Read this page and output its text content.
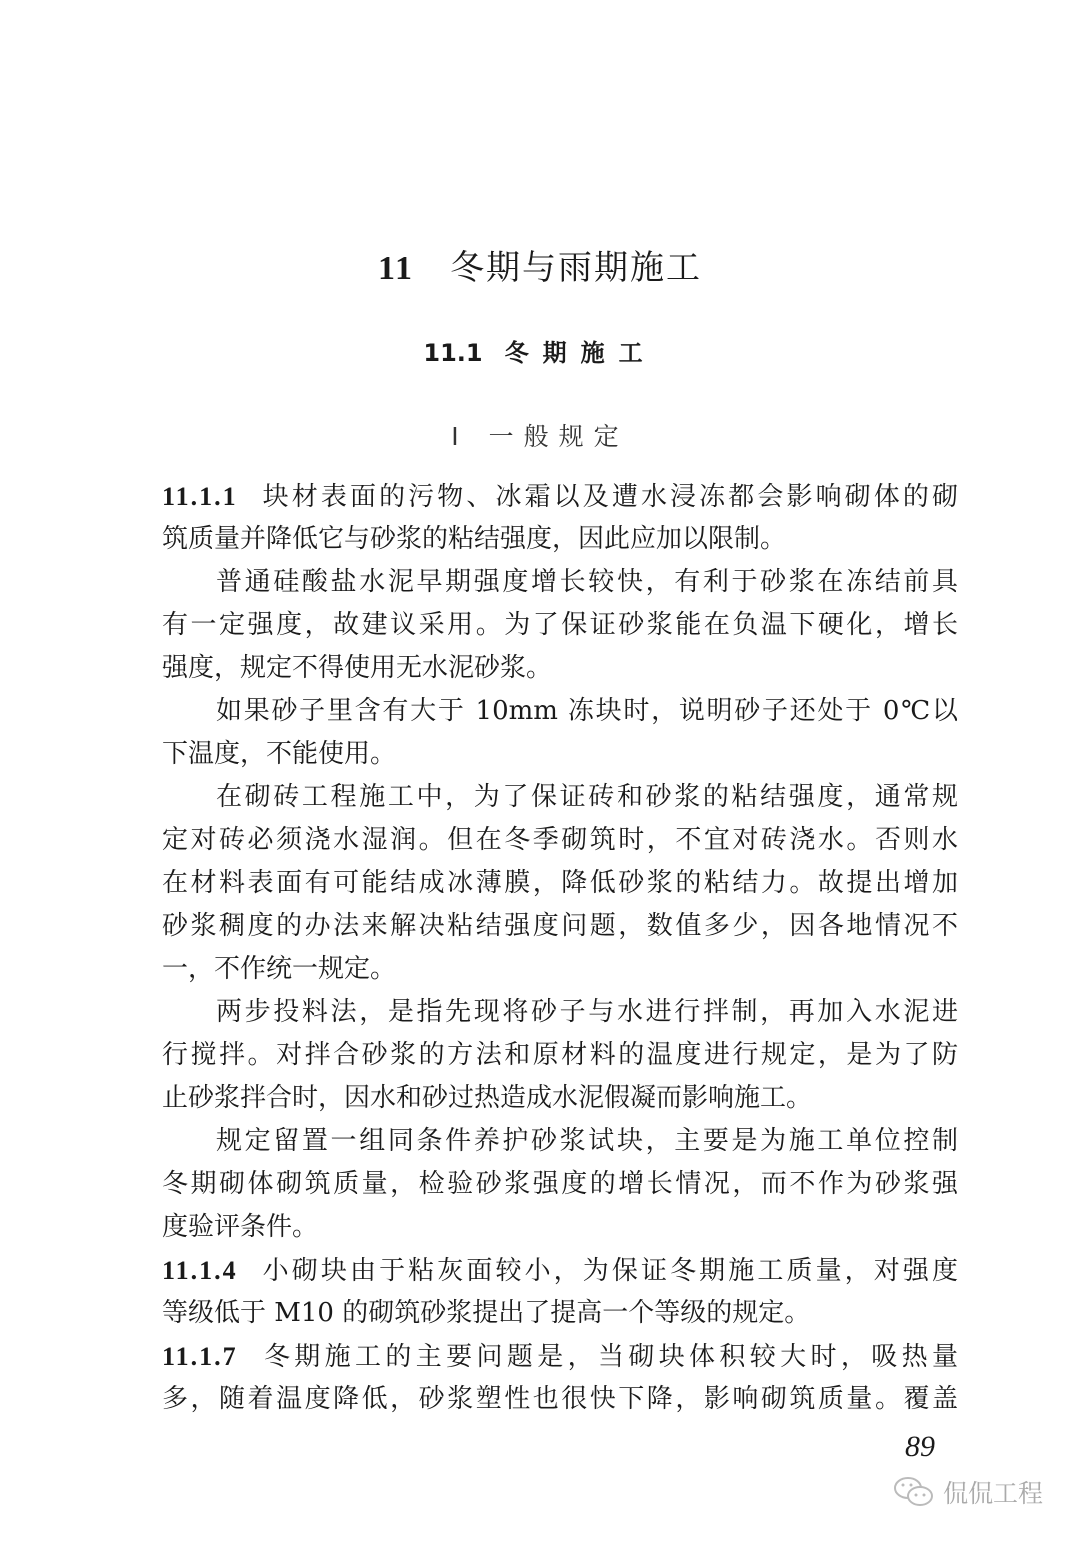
11 冬期与雨期施工
11.1 冬期施工
Ⅰ 一般规定
11.1.1 块材表面的污物、冰霜以及遭水浸冻都会影响砌体的砌
筑质量并降低它与砂浆的粘结强度，因此应加以限制。
普通硅酸盐水泥早期强度增长较快，有利于砂浆在冻结前具
有一定强度，故建议采用。为了保证砂浆能在负温下硬化，增长
强度，规定不得使用无水泥砂浆。
如果砂子里含有大于 10mm 冻块时，说明砂子还处于 0℃以
下温度，不能使用。
在砌砖工程施工中，为了保证砖和砂浆的粘结强度，通常规
定对砖必须浇水湿润。但在冬季砌筑时，不宜对砖浇水。否则水
在材料表面有可能结成冰薄膜，降低砂浆的粘结力。故提出增加
砂浆稠度的办法来解决粘结强度问题，数值多少，因各地情况不
一，不作统一规定。
两步投料法，是指先现将砂子与水进行拌制，再加入水泥进
行搅拌。对拌合砂浆的方法和原材料的温度进行规定，是为了防
止砂浆拌合时，因水和砂过热造成水泥假凝而影响施工。
规定留置一组同条件养护砂浆试块，主要是为施工单位控制
冬期砌体砌筑质量，检验砂浆强度的增长情况，而不作为砂浆强
度验评条件。
11.1.4 小砌块由于粘灰面较小，为保证冬期施工质量，对强度
等级低于 M10 的砌筑砂浆提出了提高一个等级的规定。
11.1.7 冬期施工的主要问题是，当砌块体积较大时，吸热量
多，随着温度降低，砂浆塑性也很快下降，影响砌筑质量。覆盖
89
侃侃工程
